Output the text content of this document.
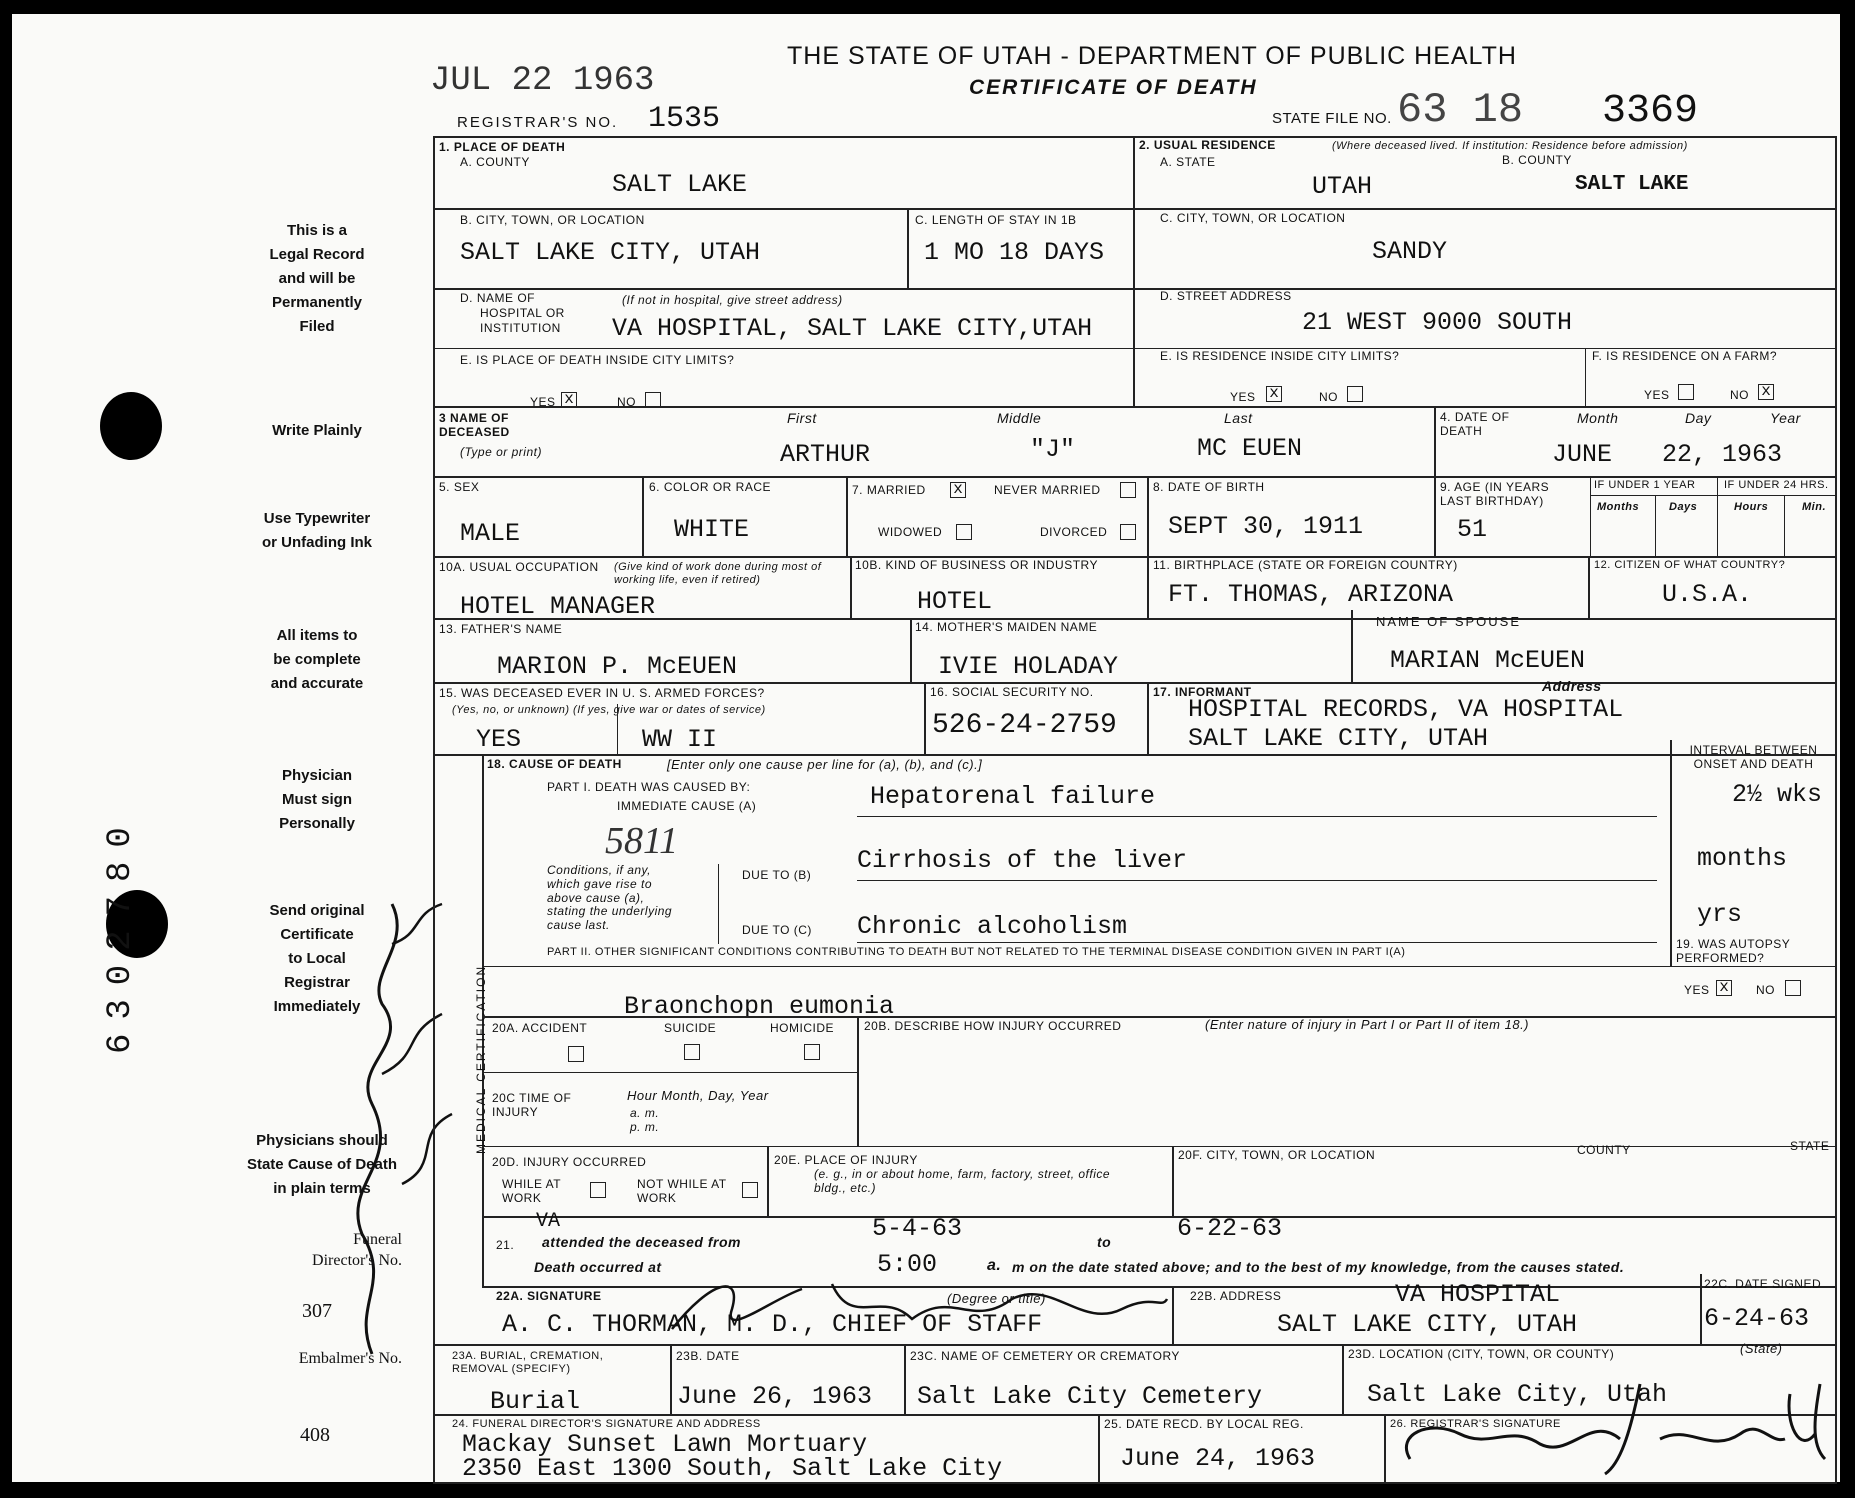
JUL 22 1963
REGISTRAR'S NO. 1535
THE STATE OF UTAH - DEPARTMENT OF PUBLIC HEALTH
CERTIFICATE OF DEATH
STATE FILE NO. 63 18 3369
This is a
Legal Record
and will be
Permanently
Filed
Write Plainly
Use Typewriter
or Unfading Ink
All items to
be complete
and accurate
Physician
Must sign
Personally
Send original
Certificate
to Local
Registrar
Immediately
Physicians should
State Cause of Death
in plain terms
Funeral
Director's No.
307
Embalmer's No.
408
6302780
1. PLACE OF DEATH
A. COUNTY
SALT LAKE
2. USUAL RESIDENCE	(Where deceased lived. If institution: Residence before admission)
A. STATE	B. COUNTY
UTAH	SALT LAKE
B. CITY, TOWN, OR LOCATION
SALT LAKE CITY, UTAH
C. LENGTH OF STAY IN 1B
1 MO 18 DAYS
C. CITY, TOWN, OR LOCATION
SANDY
D. NAME OF
HOSPITAL OR
INSTITUTION
(If not in hospital, give street address)
VA HOSPITAL, SALT LAKE CITY,UTAH
D. STREET ADDRESS
21 WEST 9000 SOUTH
E. IS PLACE OF DEATH INSIDE CITY LIMITS?
YES x	NO
E. IS RESIDENCE INSIDE CITY LIMITS?
YES x	NO
F. IS RESIDENCE ON A FARM?
YES	NO x
3 NAME OF DECEASED
(Type or print)
First	Middle	Last
ARTHUR	"J"	MC EUEN
4. DATE OF DEATH
Month	Day	Year
JUNE 22, 1963
5. SEX
MALE
6. COLOR OR RACE
WHITE
7. MARRIED x	NEVER MARRIED
WIDOWED	DIVORCED
8. DATE OF BIRTH
SEPT 30, 1911
9. AGE (IN YEARS LAST BIRTHDAY)
51
IF UNDER 1 YEAR	IF UNDER 24 HRS.
Months	Days	Hours	Min.
10A. USUAL OCCUPATION	(Give kind of work done during most of working life, even if retired)
HOTEL MANAGER
10B. KIND OF BUSINESS OR INDUSTRY
HOTEL
11. BIRTHPLACE (STATE OR FOREIGN COUNTRY)
FT. THOMAS, ARIZONA
12. CITIZEN OF WHAT COUNTRY?
U.S.A.
13. FATHER'S NAME
MARION P. McEUEN
14. MOTHER'S MAIDEN NAME
IVIE HOLADAY
NAME OF SPOUSE
MARIAN McEUEN
15. WAS DECEASED EVER IN U. S. ARMED FORCES?
(Yes, no, or unknown) (If yes, give war or dates of service)
YES	WW II
16. SOCIAL SECURITY NO.
526-24-2759
17. INFORMANT	Address
HOSPITAL RECORDS, VA HOSPITAL
SALT LAKE CITY, UTAH
MEDICAL CERTIFICATION
18. CAUSE OF DEATH	[Enter only one cause per line for (a), (b), and (c).]
INTERVAL BETWEEN ONSET AND DEATH
PART I. DEATH WAS CAUSED BY:
IMMEDIATE CAUSE (A)	Hepatorenal failure	2½ wks
5811
Conditions, if any, which gave rise to above cause (a), stating the underlying cause last.
DUE TO (B) Cirrhosis of the liver	months
DUE TO (C) Chronic alcoholism	yrs
PART II. OTHER SIGNIFICANT CONDITIONS CONTRIBUTING TO DEATH BUT NOT RELATED TO THE TERMINAL DISEASE CONDITION GIVEN IN PART I(A)
Braonchopn eumonia
19. WAS AUTOPSY PERFORMED?
YES x NO
20A. ACCIDENT	SUICIDE	HOMICIDE	20B. DESCRIBE HOW INJURY OCCURRED	(Enter nature of injury in Part I or Part II of item 18.)
20C TIME OF INJURY
Hour Month, Day, Year
a. m.
p. m.
20D. INJURY OCCURRED
WHILE AT WORK
NOT WHILE AT WORK
20E. PLACE OF INJURY
(e. g., in or about home, farm, factory, street, office bldg., etc.)
20F. CITY, TOWN, OR LOCATION	COUNTY	STATE
21.
VA
attended the deceased from	5-4-63	to	6-22-63
Death occurred at	5:00	a. m on the date stated above; and to the best of my knowledge, from the causes stated.
22A. SIGNATURE	(Degree or title)
A. C. THORMAN, M. D., CHIEF OF STAFF
22B. ADDRESS	VA HOSPITAL
SALT LAKE CITY, UTAH
22C. DATE SIGNED
6-24-63
23A. BURIAL, CREMATION, REMOVAL (SPECIFY)
Burial
23B. DATE
June 26, 1963
23C. NAME OF CEMETERY OR CREMATORY
Salt Lake City Cemetery
23D. LOCATION (CITY, TOWN, OR COUNTY)	(State)
Salt Lake City, Utah
24. FUNERAL DIRECTOR'S SIGNATURE AND ADDRESS
Mackay Sunset Lawn Mortuary
2350 East 1300 South, Salt Lake City
25. DATE RECD. BY LOCAL REG.
June 24, 1963
26. REGISTRAR'S SIGNATURE
